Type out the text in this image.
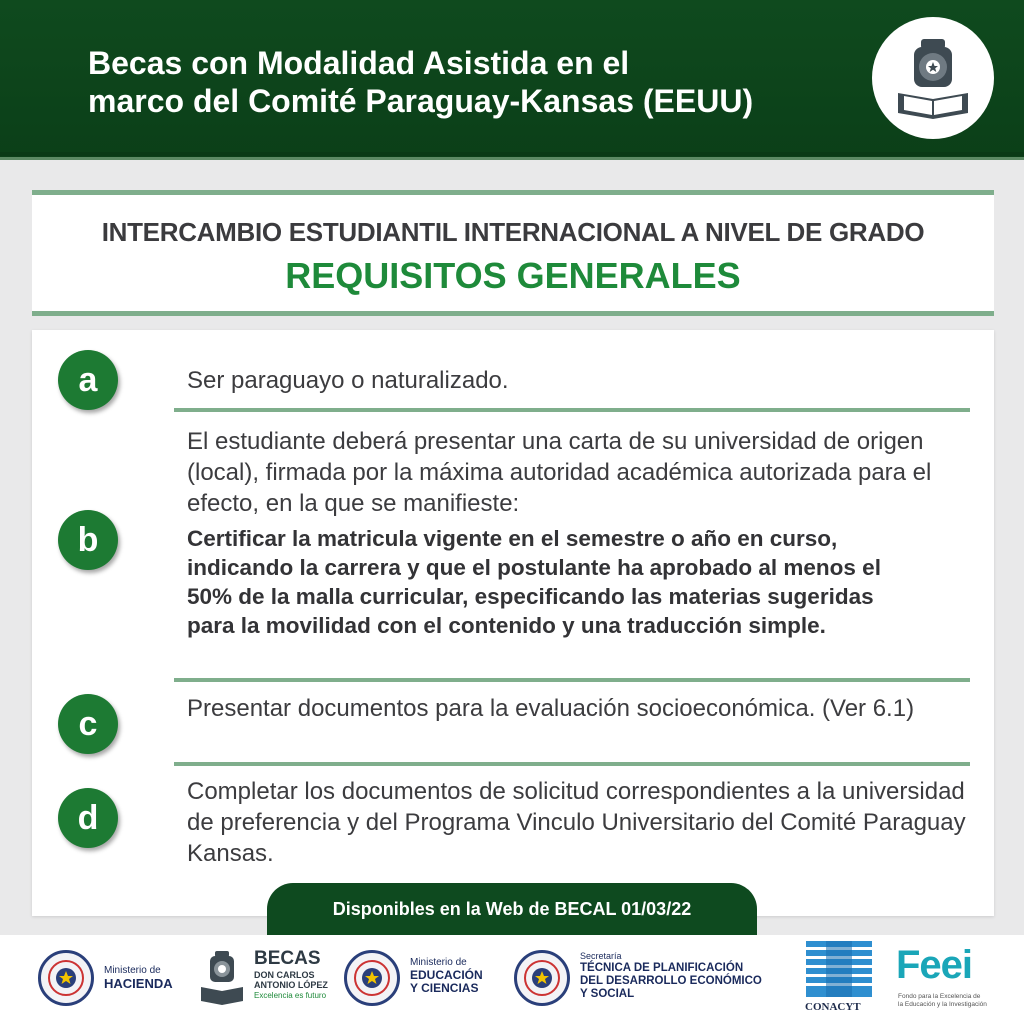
Becas con Modalidad Asistida en el
marco del Comité Paraguay-Kansas (EEUU)
INTERCAMBIO ESTUDIANTIL INTERNACIONAL A NIVEL DE GRADO
REQUISITOS GENERALES
a	Ser paraguayo o naturalizado.
b
El estudiante deberá presentar una carta de su universidad de origen (local), firmada por la máxima autoridad académica autorizada para el efecto, en la que se manifieste:
Certificar la matricula vigente en el semestre o año en curso, indicando la carrera y que el postulante ha aprobado al menos el 50% de la malla curricular, especificando las materias sugeridas para la movilidad con el contenido y una traducción simple.
c	Presentar documentos para la evaluación socioeconómica. (Ver 6.1)
d
Completar los documentos de solicitud correspondientes a la universidad de preferencia y del Programa Vinculo Universitario del Comité Paraguay Kansas.
Disponibles en la Web de BECAL 01/03/22
Ministerio de
HACIENDA
BECAS
DON CARLOS
ANTONIO LÓPEZ
Excelencia es futuro
Ministerio de
EDUCACIÓN
Y CIENCIAS
Secretaría
TÉCNICA DE PLANIFICACIÓN
DEL DESARROLLO ECONÓMICO
Y SOCIAL
CONACYT
Feei
Fondo para la Excelencia de
la Educación y la Investigación
